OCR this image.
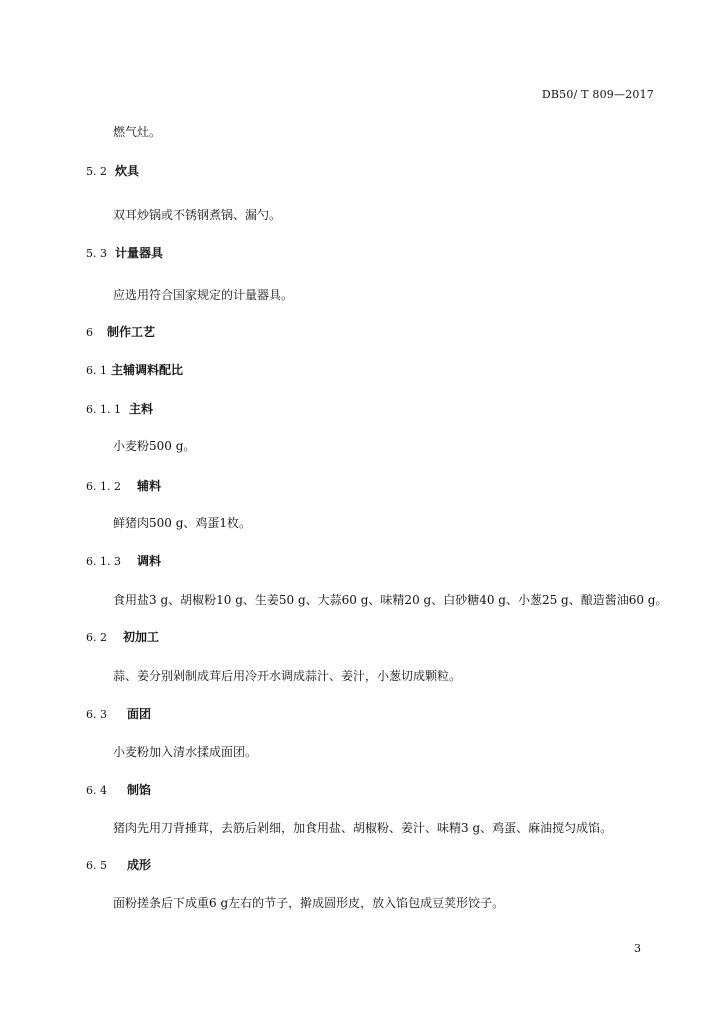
DB50/ T 809—2017
燃气灶。
5. 2 炊具
双耳炒锅或不锈钢煮锅、漏勺。
5. 3 计量器具
应选用符合国家规定的计量器具。
6 制作工艺
6. 1 主辅调料配比
6. 1. 1 主料
小麦粉500 g。
6. 1. 2 辅料
鲜猪肉500 g、鸡蛋1枚。
6. 1. 3 调料
食用盐3 g、胡椒粉10 g、生姜50 g、大蒜60 g、味精20 g、白砂糖40 g、小葱25 g、酿造酱油60 g。
6. 2 初加工
蒜、姜分别剁制成茸后用冷开水调成蒜汁、姜汁，小葱切成颗粒。
6. 3 面团
小麦粉加入清水揉成面团。
6. 4 制馅
猪肉先用刀背捶茸，去筋后剁细，加食用盐、胡椒粉、姜汁、味精3 g、鸡蛋、麻油搅匀成馅。
6. 5 成形
面粉搓条后下成重6 g左右的节子，擀成圆形皮，放入馅包成豆荚形饺子。
3
